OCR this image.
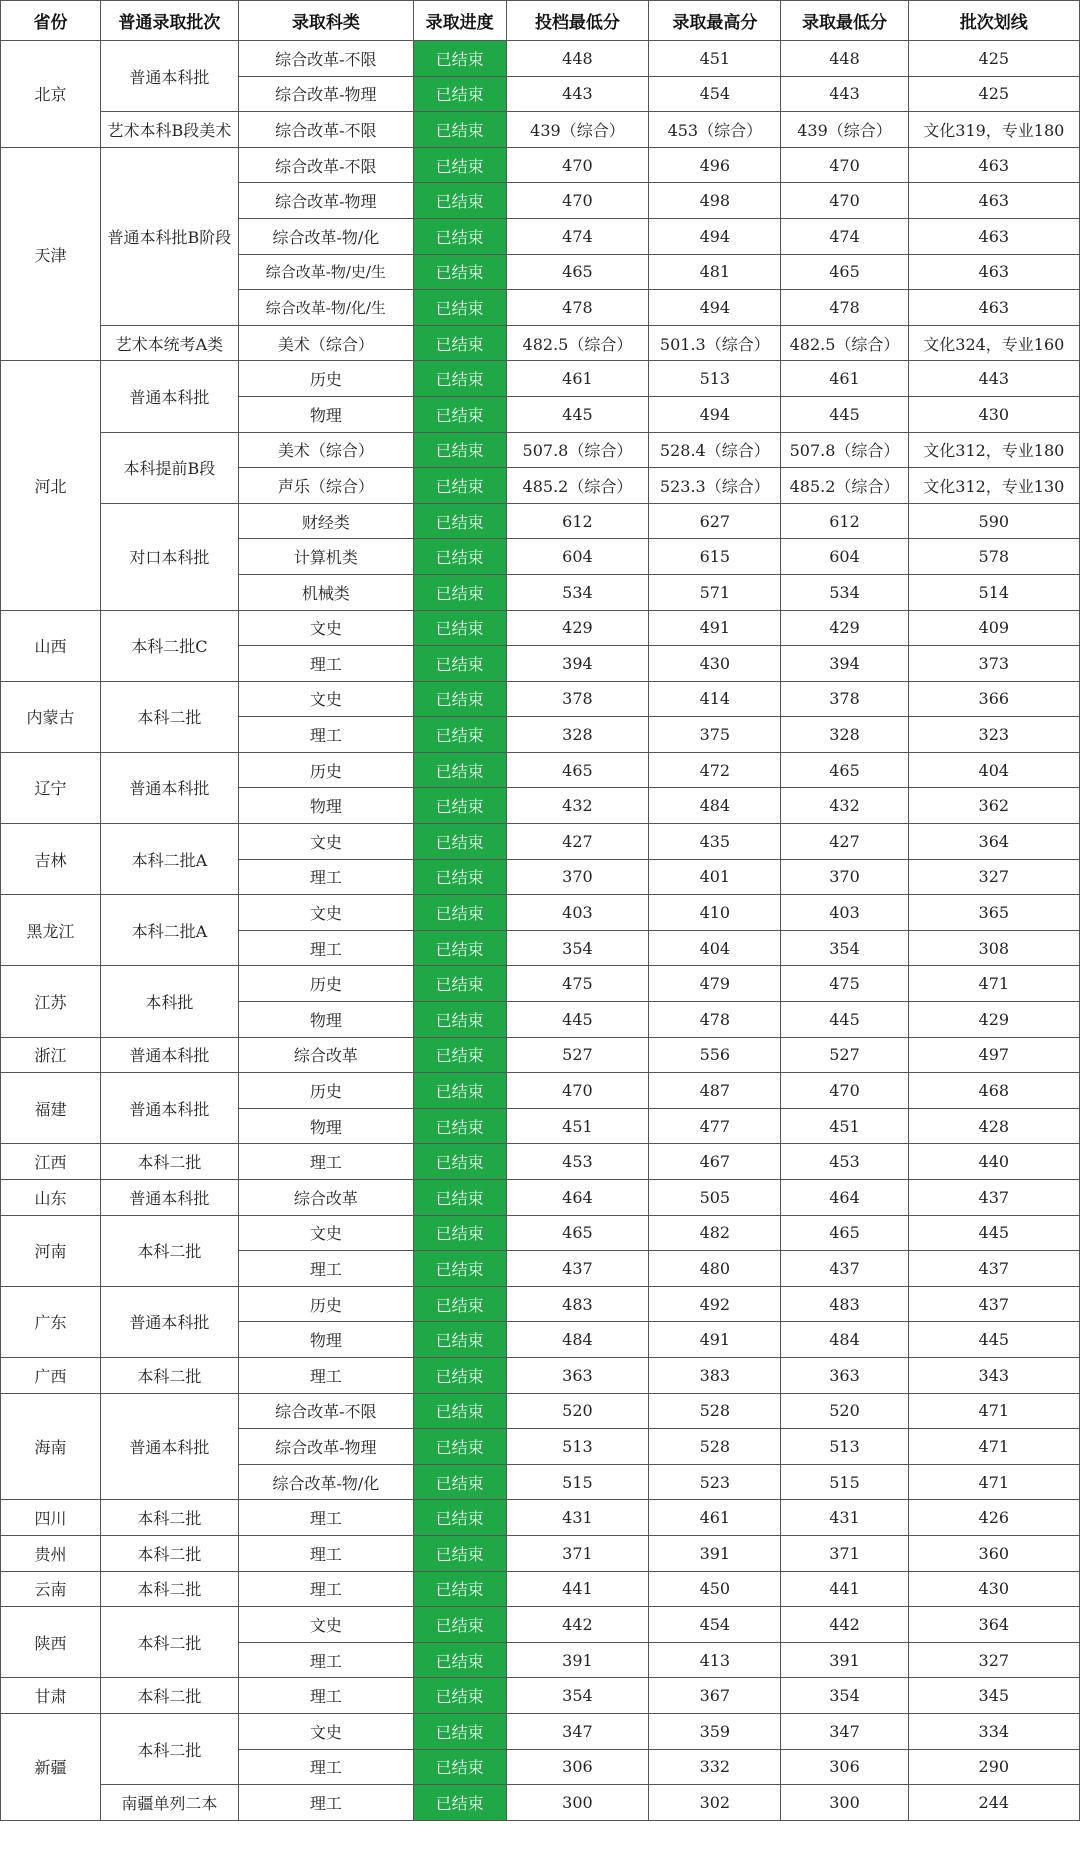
省份	普通录取批次	录取科类	录取进度	投档最低分	录取最高分	录取最低分	批次划线
北京	普通本科批	综合改革-不限	已结束	448	451	448	425
		综合改革-物理	已结束	443	454	443	425
	艺术本科B段美术	综合改革-不限	已结束	439（综合）	453（综合）	439（综合）	文化319，专业180
天津	普通本科批B阶段	综合改革-不限	已结束	470	496	470	463
		综合改革-物理	已结束	470	498	470	463
		综合改革-物/化	已结束	474	494	474	463
		综合改革-物/史/生	已结束	465	481	465	463
		综合改革-物/化/生	已结束	478	494	478	463
	艺术本统考A类	美术（综合）	已结束	482.5（综合）	501.3（综合）	482.5（综合）	文化324，专业160
河北	普通本科批	历史	已结束	461	513	461	443
		物理	已结束	445	494	445	430
	本科提前B段	美术（综合）	已结束	507.8（综合）	528.4（综合）	507.8（综合）	文化312，专业180
		声乐（综合）	已结束	485.2（综合）	523.3（综合）	485.2（综合）	文化312，专业130
	对口本科批	财经类	已结束	612	627	612	590
		计算机类	已结束	604	615	604	578
		机械类	已结束	534	571	534	514
山西	本科二批C	文史	已结束	429	491	429	409
		理工	已结束	394	430	394	373
内蒙古	本科二批	文史	已结束	378	414	378	366
		理工	已结束	328	375	328	323
辽宁	普通本科批	历史	已结束	465	472	465	404
		物理	已结束	432	484	432	362
吉林	本科二批A	文史	已结束	427	435	427	364
		理工	已结束	370	401	370	327
黑龙江	本科二批A	文史	已结束	403	410	403	365
		理工	已结束	354	404	354	308
江苏	本科批	历史	已结束	475	479	475	471
		物理	已结束	445	478	445	429
浙江	普通本科批	综合改革	已结束	527	556	527	497
福建	普通本科批	历史	已结束	470	487	470	468
		物理	已结束	451	477	451	428
江西	本科二批	理工	已结束	453	467	453	440
山东	普通本科批	综合改革	已结束	464	505	464	437
河南	本科二批	文史	已结束	465	482	465	445
		理工	已结束	437	480	437	437
广东	普通本科批	历史	已结束	483	492	483	437
		物理	已结束	484	491	484	445
广西	本科二批	理工	已结束	363	383	363	343
海南	普通本科批	综合改革-不限	已结束	520	528	520	471
		综合改革-物理	已结束	513	528	513	471
		综合改革-物/化	已结束	515	523	515	471
四川	本科二批	理工	已结束	431	461	431	426
贵州	本科二批	理工	已结束	371	391	371	360
云南	本科二批	理工	已结束	441	450	441	430
陕西	本科二批	文史	已结束	442	454	442	364
		理工	已结束	391	413	391	327
甘肃	本科二批	理工	已结束	354	367	354	345
新疆	本科二批	文史	已结束	347	359	347	334
		理工	已结束	306	332	306	290
	南疆单列二本	理工	已结束	300	302	300	244
